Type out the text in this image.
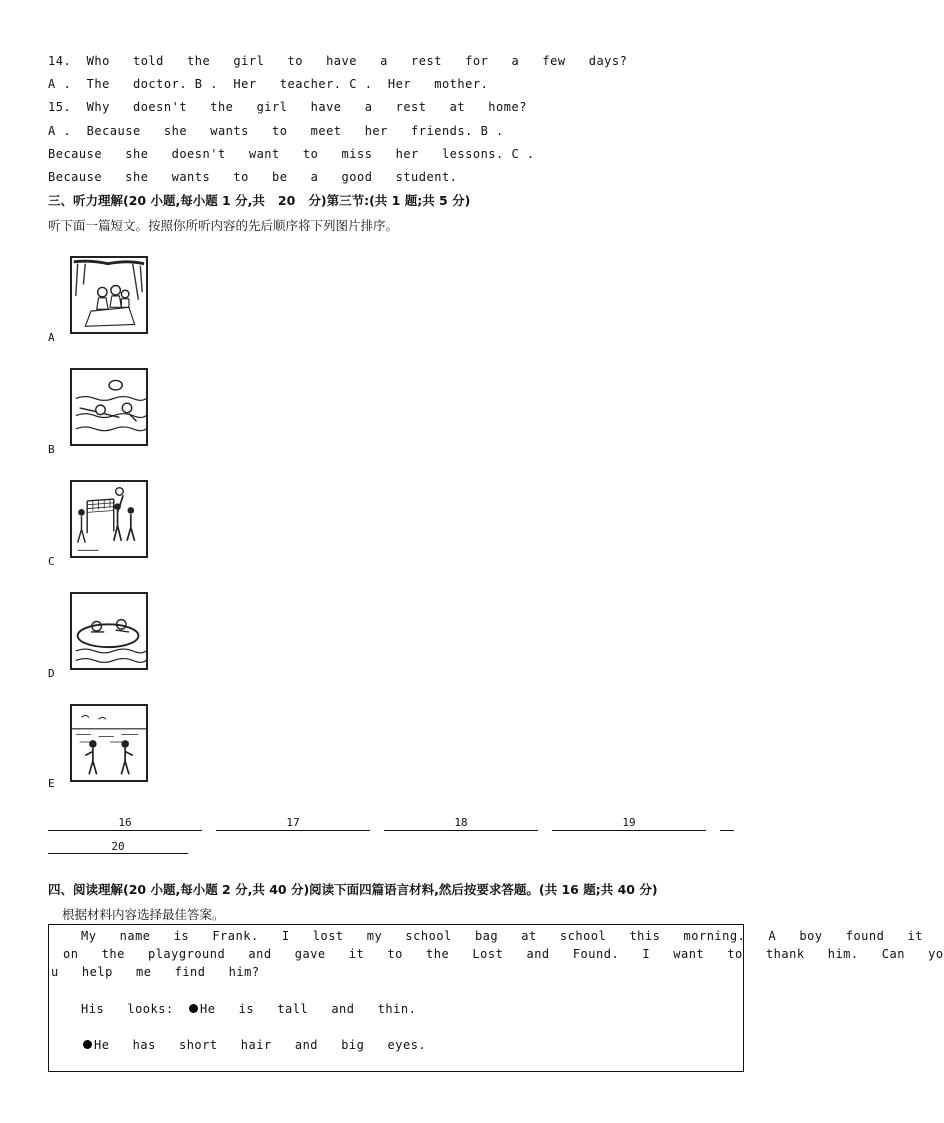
14.  Who   told   the   girl   to   have   a   rest   for   a   few   days?
A .  The   doctor. B .  Her   teacher. C .  Her   mother.
15.  Why   doesn't   the   girl   have   a   rest   at   home?
A .  Because   she   wants   to   meet   her   friends. B .
Because   she   doesn't   want   to   miss   her   lessons. C .
Because   she   wants   to   be   a   good   student.
三、听力理解(20 小题,每小题 1 分,共   20   分)第三节:(共 1 题;共 5 分)
听下面一篇短文。按照你所听内容的先后顺序将下列图片排序。
A
B
C
D
E
16	17	18	19
20
四、阅读理解(20 小题,每小题 2 分,共 40 分)阅读下面四篇语言材料,然后按要求答题。(共 16 题;共 40 分)
根据材料内容选择最佳答案。
My   name   is   Frank.   I   lost   my   school   bag   at   school   this   morning.   A   boy   found   it
on   the   playground   and   gave   it   to   the   Lost   and   Found.   I   want   to   thank   him.   Can   yo
u   help   me   find   him?
His   looks:	He   is   tall   and   thin.
He   has   short   hair   and   big   eyes.
